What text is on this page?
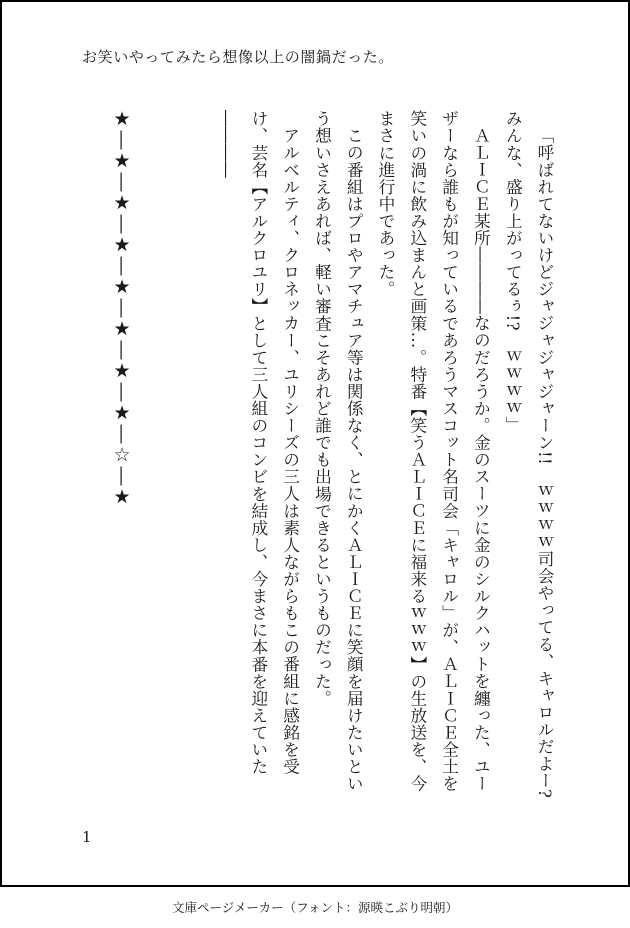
お笑いやってみたら想像以上の闇鍋だった。

「呼ばれてないけどジャジャジャジャーン!!　ｗｗｗｗ司会やってる、キャロルだよー?　みんな、盛り上がってるぅ!?　ｗｗｗｗ」

ＡＬＩＣＥ某所――――なのだろうか。金のスーツに金のシルクハットを纏った、ユーザーなら誰もが知っているであろうマスコット名司会「キャロル」が、ＡＬＩＣＥ全土を笑いの渦に飲み込まんと画策…。特番【笑うＡＬＩＣＥに福来るｗｗｗ】の生放送を、今まさに進行中であった。

この番組はプロやアマチュア等は関係なく、とにかくＡＬＩＣＥに笑顔を届けたいという想いさえあれば、軽い審査こそあれど誰でも出場できるというものだった。

アルベルティ、クロネッカー、ユリシーズの三人は素人ながらもこの番組に感銘を受け、芸名【アルクロユリ】として三人組のコンビを結成し、今まさに本番を迎えていた――――

★―★―★―★―★―★―★―★―☆―★
1
文庫ページメーカー（フォント：源暎こぶり明朝）
